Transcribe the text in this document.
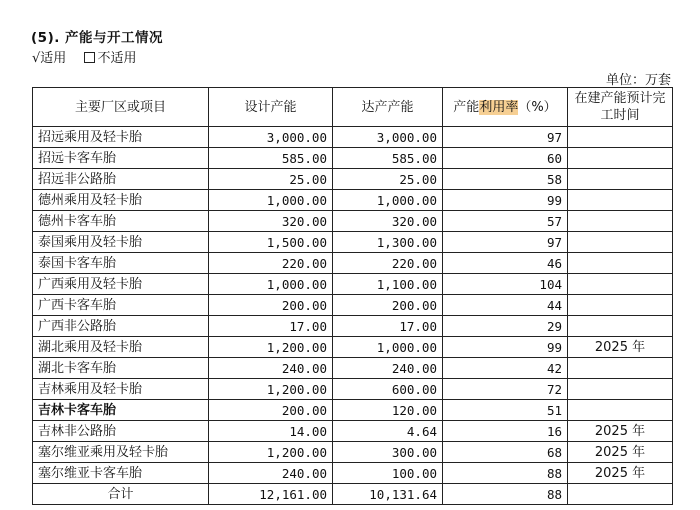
(5). 产能与开工情况
√适用 不适用
单位：万套
主要厂区或项目	设计产能	达产产能	产能利用率（%）	在建产能预计完工时间
招远乘用及轻卡胎	3,000.00	3,000.00	97	
招远卡客车胎	585.00	585.00	60	
招远非公路胎	25.00	25.00	58	
德州乘用及轻卡胎	1,000.00	1,000.00	99	
德州卡客车胎	320.00	320.00	57	
泰国乘用及轻卡胎	1,500.00	1,300.00	97	
泰国卡客车胎	220.00	220.00	46	
广西乘用及轻卡胎	1,000.00	1,100.00	104	
广西卡客车胎	200.00	200.00	44	
广西非公路胎	17.00	17.00	29	
湖北乘用及轻卡胎	1,200.00	1,000.00	99	2025 年
湖北卡客车胎	240.00	240.00	42	
吉林乘用及轻卡胎	1,200.00	600.00	72	
吉林卡客车胎	200.00	120.00	51	
吉林非公路胎	14.00	4.64	16	2025 年
塞尔维亚乘用及轻卡胎	1,200.00	300.00	68	2025 年
塞尔维亚卡客车胎	240.00	100.00	88	2025 年
合计	12,161.00	10,131.64	88	
